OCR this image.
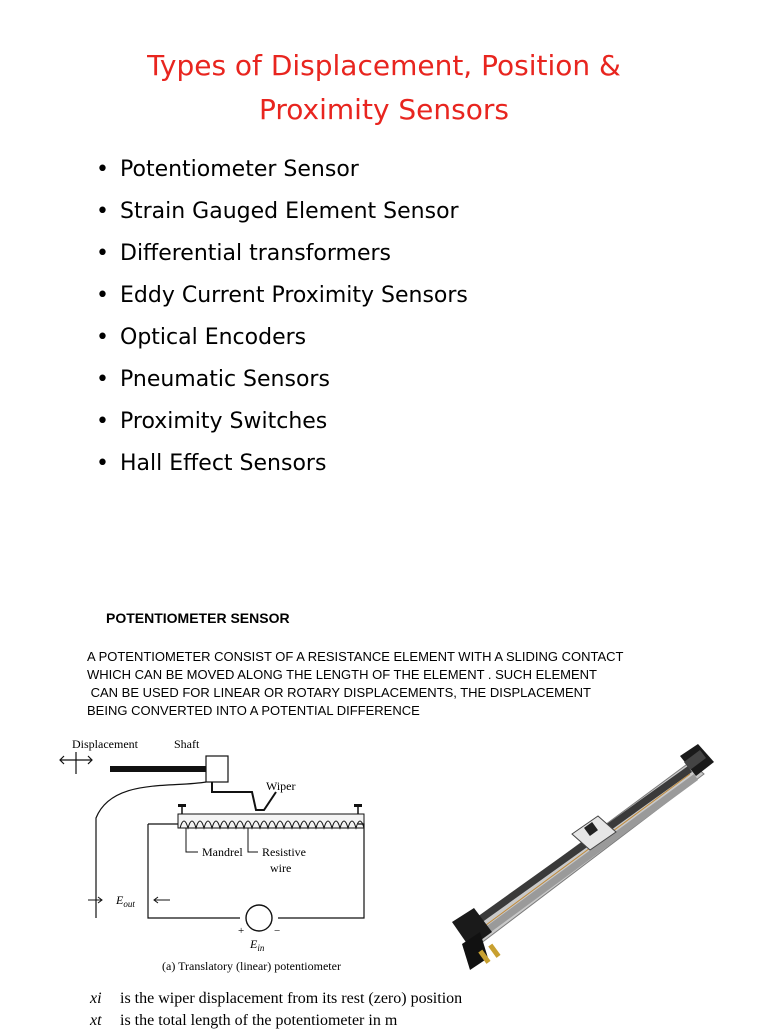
Types of Displacement, Position &
Proximity Sensors
• Potentiometer Sensor
• Strain Gauged Element Sensor
• Differential transformers
• Eddy Current Proximity Sensors
• Optical Encoders
• Pneumatic Sensors
• Proximity Switches
• Hall Effect Sensors
POTENTIOMETER SENSOR
A POTENTIOMETER CONSIST OF A RESISTANCE ELEMENT WITH A SLIDING CONTACT
WHICH CAN BE MOVED ALONG THE LENGTH OF THE ELEMENT . SUCH ELEMENT
CAN BE USED FOR LINEAR OR ROTARY DISPLACEMENTS, THE DISPLACEMENT
BEING CONVERTED INTO A POTENTIAL DIFFERENCE
Displacement	Shaft
Wiper
Mandrel Resistive
wire
$E_{out}$
+	−
$E_{in}$
(a) Translatory (linear) potentiometer
xi	is the wiper displacement from its rest (zero) position
xt	is the total length of the potentiometer in m
